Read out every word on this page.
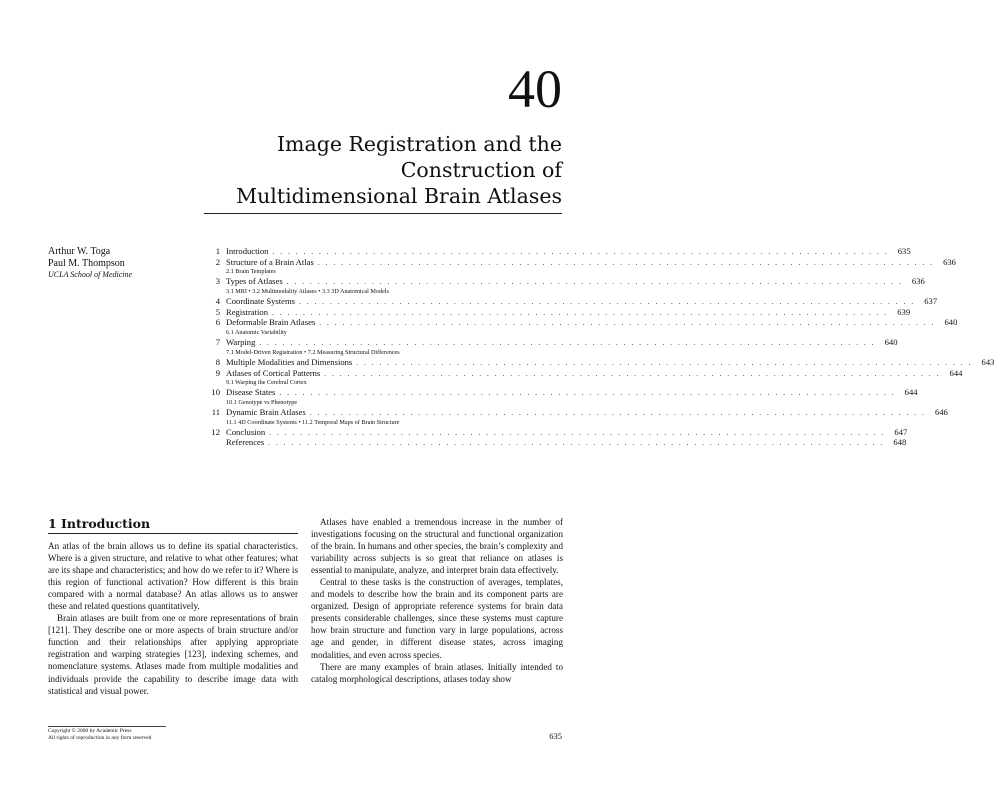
40
Image Registration and the
Construction of
Multidimensional Brain Atlases
Arthur W. Toga
Paul M. Thompson
UCLA School of Medicine
1 Introduction . . . . . . . . . . . . . . . . . . . . . . . . . . . . . . . . . . . . . . . . . . . . . . . . . . . . . . . . . . . . . . . . . . . . . . . . . . . . . . . .	635
2 Structure of a Brain Atlas . . . . . . . . . . . . . . . . . . . . . . . . . . . . . . . . . . . . . . . . . . . . . . . . . . . . . . . . . . . . . . . . . . . . . . . . . . . . . . . .	636
2.1 Brain Templates
3 Types of Atlases . . . . . . . . . . . . . . . . . . . . . . . . . . . . . . . . . . . . . . . . . . . . . . . . . . . . . . . . . . . . . . . . . . . . . . . . . . . . . . . .	636
3.1 MRI • 3.2 Multimodality Atlases • 3.3 3D Anatomical Models
4 Coordinate Systems . . . . . . . . . . . . . . . . . . . . . . . . . . . . . . . . . . . . . . . . . . . . . . . . . . . . . . . . . . . . . . . . . . . . . . . . . . . . . . . .	637
5 Registration . . . . . . . . . . . . . . . . . . . . . . . . . . . . . . . . . . . . . . . . . . . . . . . . . . . . . . . . . . . . . . . . . . . . . . . . . . . . . . . .	639
6 Deformable Brain Atlases . . . . . . . . . . . . . . . . . . . . . . . . . . . . . . . . . . . . . . . . . . . . . . . . . . . . . . . . . . . . . . . . . . . . . . . . . . . . . . . .	640
6.1 Anatomic Variability
7 Warping . . . . . . . . . . . . . . . . . . . . . . . . . . . . . . . . . . . . . . . . . . . . . . . . . . . . . . . . . . . . . . . . . . . . . . . . . . . . . . . .	640
7.1 Model-Driven Registration • 7.2 Measuring Structural Differences
8 Multiple Modalities and Dimensions . . . . . . . . . . . . . . . . . . . . . . . . . . . . . . . . . . . . . . . . . . . . . . . . . . . . . . . . . . . . . . . . . . . . . . . . . . . . . . . .	643
9 Atlases of Cortical Patterns . . . . . . . . . . . . . . . . . . . . . . . . . . . . . . . . . . . . . . . . . . . . . . . . . . . . . . . . . . . . . . . . . . . . . . . . . . . . . . . .	644
9.1 Warping the Cerebral Cortex
10 Disease States . . . . . . . . . . . . . . . . . . . . . . . . . . . . . . . . . . . . . . . . . . . . . . . . . . . . . . . . . . . . . . . . . . . . . . . . . . . . . . . .	644
10.1 Genotype vs Phenotype
11 Dynamic Brain Atlases . . . . . . . . . . . . . . . . . . . . . . . . . . . . . . . . . . . . . . . . . . . . . . . . . . . . . . . . . . . . . . . . . . . . . . . . . . . . . . . .	646
11.1 4D Coordinate Systems • 11.2 Temporal Maps of Brain Structure
12 Conclusion . . . . . . . . . . . . . . . . . . . . . . . . . . . . . . . . . . . . . . . . . . . . . . . . . . . . . . . . . . . . . . . . . . . . . . . . . . . . . . . .	647
References . . . . . . . . . . . . . . . . . . . . . . . . . . . . . . . . . . . . . . . . . . . . . . . . . . . . . . . . . . . . . . . . . . . . . . . . . . . . . . . .	648
1 Introduction

An atlas of the brain allows us to define its spatial characteristics. Where is a given structure, and relative to what other features; what are its shape and characteristics; and how do we refer to it? Where is this region of functional activation? How different is this brain compared with a normal database? An atlas allows us to answer these and related questions quantitatively.

Brain atlases are built from one or more representations of brain [121]. They describe one or more aspects of brain structure and/or function and their relationships after applying appropriate registration and warping strategies [123], indexing schemes, and nomenclature systems. Atlases made from multiple modalities and individuals provide the capability to describe image data with statistical and visual power.

Atlases have enabled a tremendous increase in the number of investigations focusing on the structural and functional organization of the brain. In humans and other species, the brain’s complexity and variability across subjects is so great that reliance on atlases is essential to manipulate, analyze, and interpret brain data effectively.

Central to these tasks is the construction of averages, templates, and models to describe how the brain and its component parts are organized. Design of appropriate reference systems for brain data presents considerable challenges, since these systems must capture how brain structure and function vary in large populations, across age and gender, in different disease states, across imaging modalities, and even across species.

There are many examples of brain atlases. Initially intended to catalog morphological descriptions, atlases today show

Copyright © 2000 by Academic Press
All rights of reproduction in any form reserved	635
